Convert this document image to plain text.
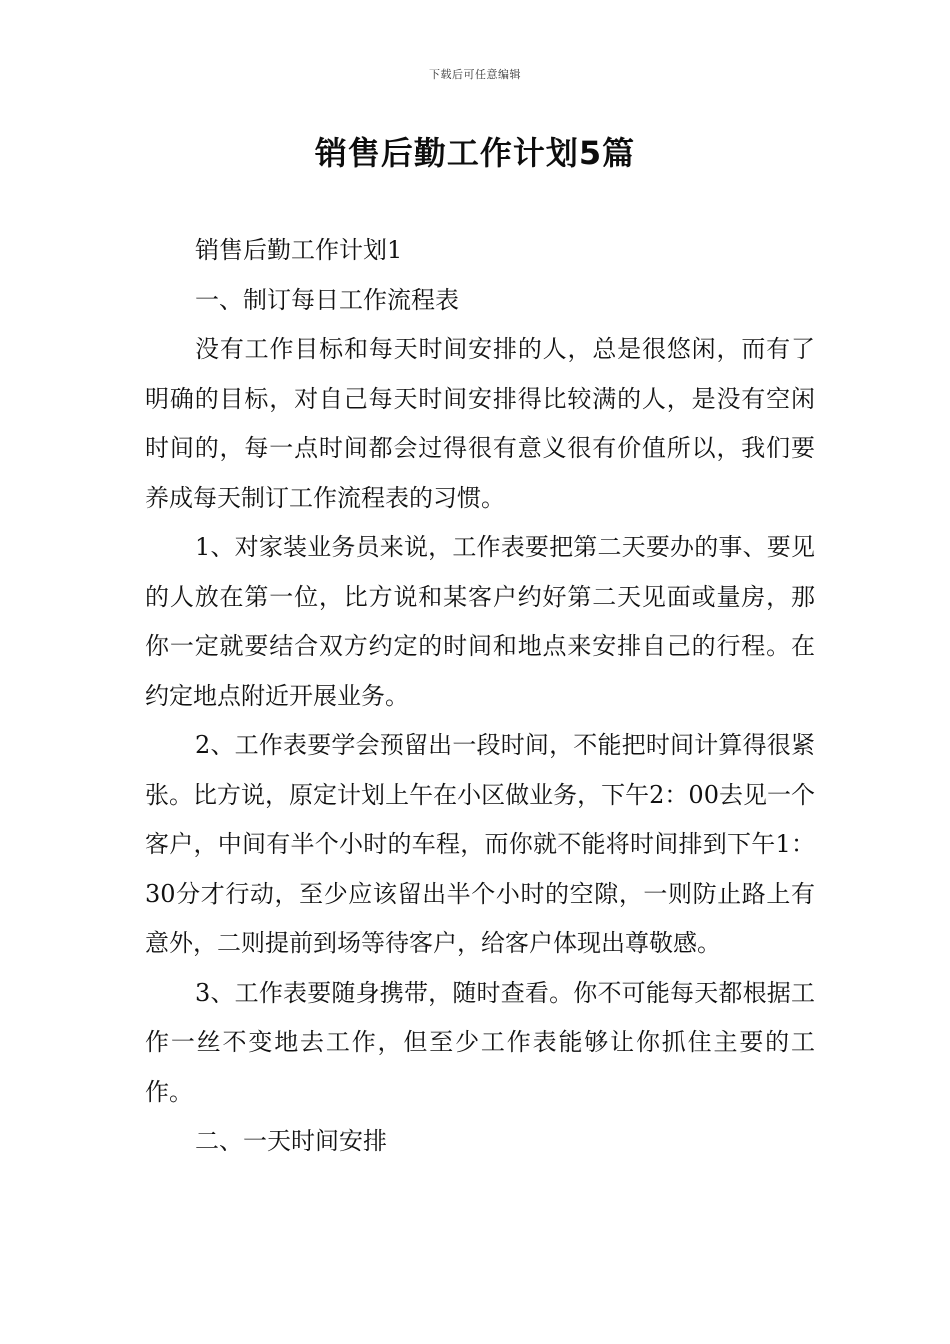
下载后可任意编辑
销售后勤工作计划5篇

销售后勤工作计划1

一、制订每日工作流程表

没有工作目标和每天时间安排的人，总是很悠闲，而有了明确的目标，对自己每天时间安排得比较满的人，是没有空闲时间的，每一点时间都会过得很有意义很有价值所以，我们要养成每天制订工作流程表的习惯。

1、对家装业务员来说，工作表要把第二天要办的事、要见的人放在第一位，比方说和某客户约好第二天见面或量房，那你一定就要结合双方约定的时间和地点来安排自己的行程。在约定地点附近开展业务。

2、工作表要学会预留出一段时间，不能把时间计算得很紧张。比方说，原定计划上午在小区做业务，下午2：00去见一个客户，中间有半个小时的车程，而你就不能将时间排到下午1：30分才行动，至少应该留出半个小时的空隙，一则防止路上有意外，二则提前到场等待客户，给客户体现出尊敬感。

3、工作表要随身携带，随时查看。你不可能每天都根据工作一丝不变地去工作，但至少工作表能够让你抓住主要的工作。

二、一天时间安排
